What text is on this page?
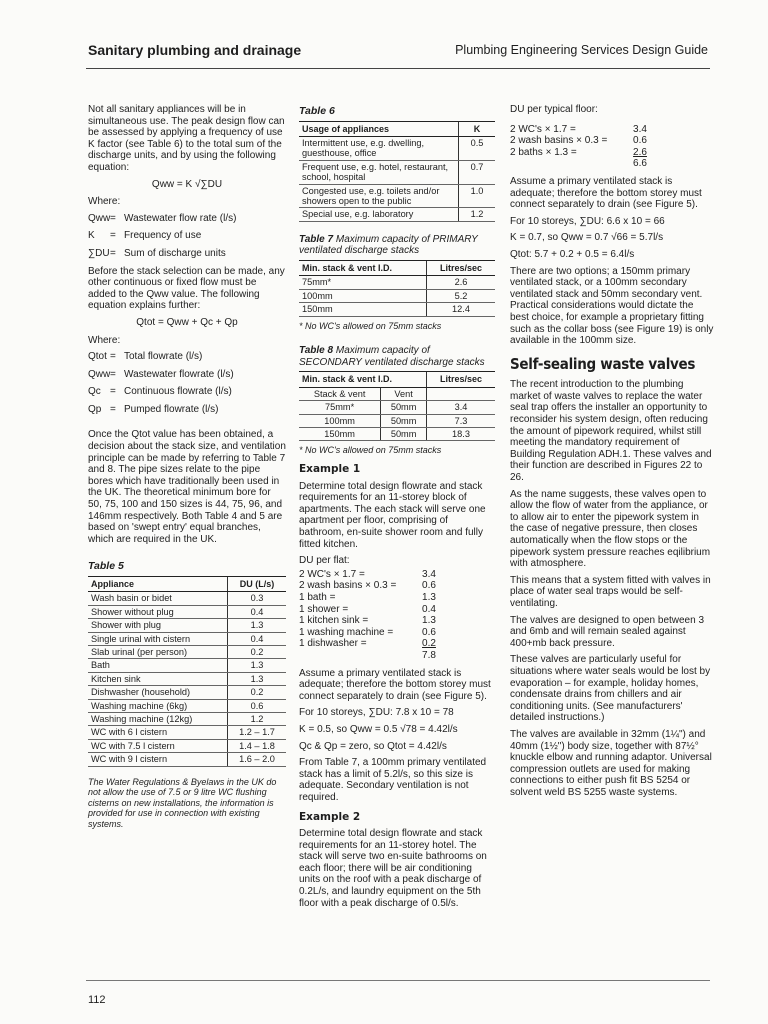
Sanitary plumbing and drainage	Plumbing Engineering Services Design Guide

Not all sanitary appliances will be in simultaneous use. The peak design flow can be assessed by applying a frequency of use K factor (see Table 6) to the total sum of the discharge units, and by using the following equation:

Qww = K √∑DU

Where:

Qww = Wastewater flow rate (l/s)
K	= Frequency of use
∑DU = Sum of discharge units

Before the stack selection can be made, any other continuous or fixed flow must be added to the Qww value. The following equation explains further:

Qtot = Qww + Qc + Qp

Where:

Qtot = Total flowrate (l/s)
Qww = Wastewater flowrate (l/s)
Qc = Continuous flowrate (l/s)
Qp = Pumped flowrate (l/s)

Once the Qtot value has been obtained, a decision about the stack size, and ventilation principle can be made by referring to Table 7 and 8. The pipe sizes relate to the pipe bores which have traditionally been used in the UK. The theoretical minimum bore for 50, 75, 100 and 150 sizes is 44, 75, 96, and 146mm respectively. Both Table 4 and 5 are based on 'swept entry' equal branches, which are required in the UK.

Table 5
Appliance	DU (L/s)
Wash basin or bidet	0.3
Shower without plug	0.4
Shower with plug	1.3
Single urinal with cistern	0.4
Slab urinal (per person)	0.2
Bath	1.3
Kitchen sink	1.3
Dishwasher (household)	0.2
Washing machine (6kg)	0.6
Washing machine (12kg)	1.2
WC with 6 l cistern	1.2 – 1.7
WC with 7.5 l cistern	1.4 – 1.8
WC with 9 l cistern	1.6 – 2.0
The Water Regulations & Byelaws in the UK do not allow the use of 7.5 or 9 litre WC flushing cisterns on new installations, the information is provided for use in connection with existing systems.
Table 6
Usage of appliances	K
Intermittent use, e.g. dwelling, guesthouse, office	0.5
Frequent use, e.g. hotel, restaurant, school, hospital	0.7
Congested use, e.g. toilets and/or showers open to the public	1.0
Special use, e.g. laboratory	1.2
Table 7 Maximum capacity of PRIMARY ventilated discharge stacks
Min. stack & vent I.D.	Litres/sec
75mm*	2.6
100mm	5.2
150mm	12.4
* No WC's allowed on 75mm stacks
Table 8 Maximum capacity of SECONDARY ventilated discharge stacks
Min. stack & vent I.D.		Litres/sec
Stack & vent	Vent	
75mm*	50mm	3.4
100mm	50mm	7.3
150mm	50mm	18.3
* No WC's allowed on 75mm stacks
Example 1

Determine total design flowrate and stack requirements for an 11-storey block of apartments. The each stack will serve one apartment per floor, comprising of bathroom, en-suite shower room and fully fitted kitchen.

DU per flat:
2 WC's × 1.7 =	3.4
2 wash basins × 0.3 =	0.6
1 bath =	1.3
1 shower =	0.4
1 kitchen sink =	1.3
1 washing machine =	0.6
1 dishwasher =	0.2
7.8

Assume a primary ventilated stack is adequate; therefore the bottom storey must connect separately to drain (see Figure 5).

For 10 storeys, ∑DU: 7.8 x 10 = 78

K = 0.5, so Qww = 0.5 √78 = 4.42l/s

Qc & Qp = zero, so Qtot = 4.42l/s

From Table 7, a 100mm primary ventilated stack has a limit of 5.2l/s, so this size is adequate. Secondary ventilation is not required.

Example 2

Determine total design flowrate and stack requirements for an 11-storey hotel. The stack will serve two en-suite bathrooms on each floor; there will be air conditioning units on the roof with a peak discharge of 0.2L/s, and laundry equipment on the 5th floor with a peak discharge of 0.5l/s.

DU per typical floor:
2 WC's × 1.7 =	3.4
2 wash basins × 0.3 =	0.6
2 baths × 1.3 =	2.6
6.6

Assume a primary ventilated stack is adequate; therefore the bottom storey must connect separately to drain (see Figure 5).

For 10 storeys, ∑DU: 6.6 x 10 = 66

K = 0.7, so Qww = 0.7 √66 = 5.7l/s

Qtot: 5.7 + 0.2 + 0.5 = 6.4l/s

There are two options; a 150mm primary ventilated stack, or a 100mm secondary ventilated stack and 50mm secondary vent. Practical considerations would dictate the best choice, for example a proprietary fitting such as the collar boss (see Figure 19) is only available in the 100mm size.

Self-sealing waste valves

The recent introduction to the plumbing market of waste valves to replace the water seal trap offers the installer an opportunity to reconsider his system design, often reducing the amount of pipework required, whilst still meeting the mandatory requirement of Building Regulation ADH.1. These valves and their function are described in Figures 22 to 26.

As the name suggests, these valves open to allow the flow of water from the appliance, or to allow air to enter the pipework system in the case of negative pressure, then closes automatically when the flow stops or the pipework system pressure reaches eqilibrium with atmosphere.

This means that a system fitted with valves in place of water seal traps would be self-ventilating.

The valves are designed to open between 3 and 6mb and will remain sealed against 400+mb back pressure.

These valves are particularly useful for situations where water seals would be lost by evaporation – for example, holiday homes, condensate drains from chillers and air conditioning units. (See manufacturers' detailed instructions.)

The valves are available in 32mm (1¼") and 40mm (1½") body size, together with 87½° knuckle elbow and running adaptor. Universal compression outlets are used for making connections to either push fit BS 5254 or solvent weld BS 5255 waste systems.

112
